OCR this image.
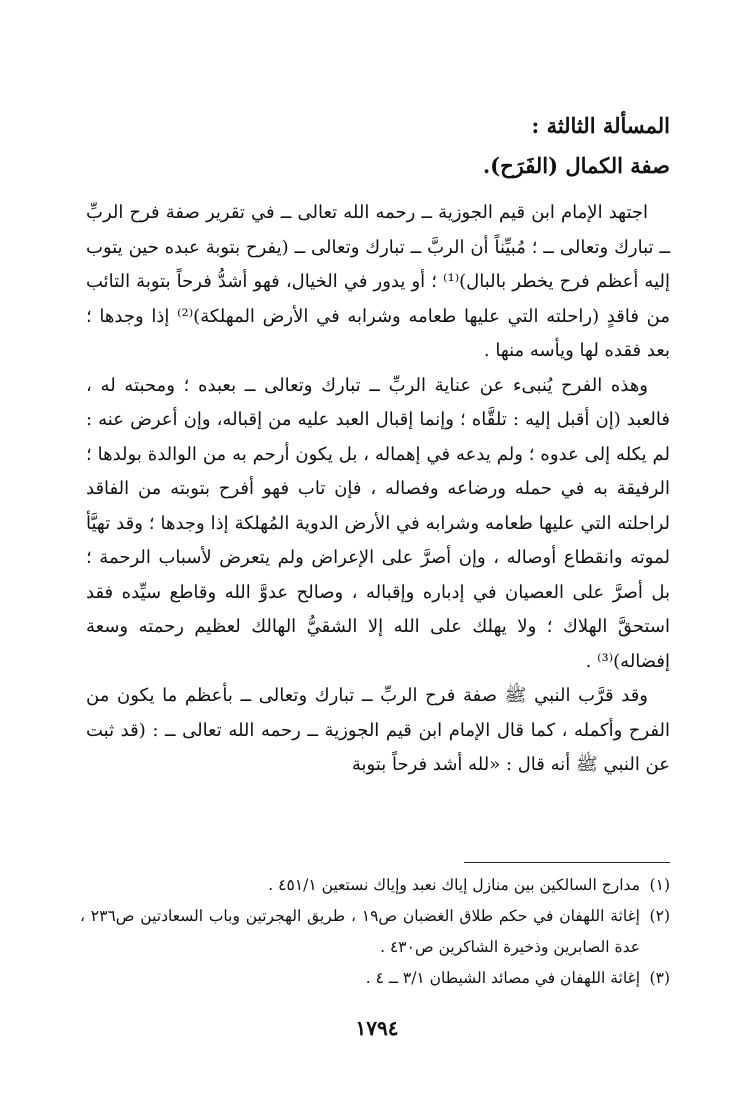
المسألة الثالثة :

صفة الكمال (الفَرَح).

اجتهد الإمام ابن قيم الجوزية ــ رحمه الله تعالى ــ في تقرير صفة فرح الربِّ ــ تبارك وتعالى ــ ؛ مُبيِّناً أن الربَّ ــ تبارك وتعالى ــ (يفرح بتوبة عبده حين يتوب إليه أعظم فرح يخطر بالبال)⁽¹⁾ ؛ أو يدور في الخيال، فهو أشدُّ فرحاً بتوبة التائب من فاقدٍ (راحلته التي عليها طعامه وشرابه في الأرض المهلكة)⁽²⁾ إذا وجدها ؛ بعد فقده لها ويأسه منها .

وهذه الفرح يُنبىء عن عناية الربِّ ــ تبارك وتعالى ــ بعبده ؛ ومحبته له ، فالعبد (إن أقبل إليه : تلقَّاه ؛ وإنما إقبال العبد عليه من إقباله، وإن أعرض عنه : لم يكله إلى عدوه ؛ ولم يدعه في إهماله ، بل يكون أرحم به من الوالدة بولدها ؛ الرفيقة به في حمله ورضاعه وفصاله ، فإن تاب فهو أفرح بتوبته من الفاقد لراحلته التي عليها طعامه وشرابه في الأرض الدوية المُهلكة إذا وجدها ؛ وقد تهيَّأ لموته وانقطاع أوصاله ، وإن أصرَّ على الإعراض ولم يتعرض لأسباب الرحمة ؛ بل أصرَّ على العصيان في إدباره وإقباله ، وصالح عدوَّ الله وقاطع سيِّده فقد استحقَّ الهلاك ؛ ولا يهلك على الله إلا الشقيُّ الهالك لعظيم رحمته وسعة إفضاله)⁽³⁾ .

وقد قرَّب النبي ﷺ صفة فرح الربِّ ــ تبارك وتعالى ــ بأعظم ما يكون من الفرح وأكمله ، كما قال الإمام ابن قيم الجوزية ــ رحمه الله تعالى ــ : (قد ثبت عن النبي ﷺ أنه قال : «لله أشد فرحاً بتوبة

(١)
مدارج السالكين بين منازل إياك نعبد وإياك نستعين ٤٥١/١ .
(٢)
إغاثة اللهفان في حكم طلاق الغضبان ص١٩ ، طريق الهجرتين وباب السعادتين ص٢٣٦ ، عدة الصابرين وذخيرة الشاكرين ص٤٣٠ .
(٣)
إغاثة اللهفان في مصائد الشيطان ٣/١ ــ ٤ .
١٧٩٤
